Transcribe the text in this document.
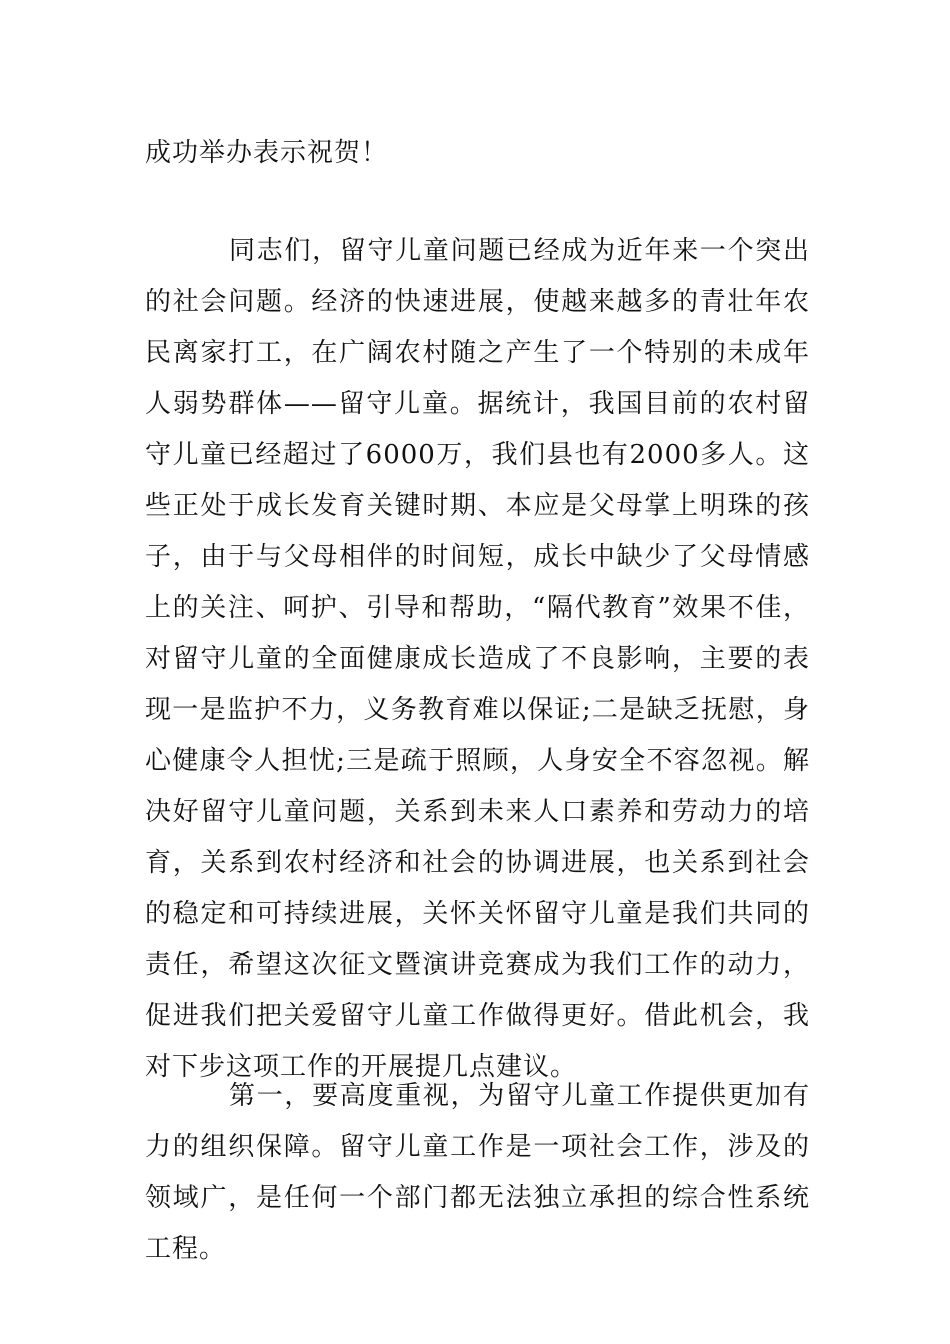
成功举办表示祝贺！

同志们，留守儿童问题已经成为近年来一个突出的社会问题。经济的快速进展，使越来越多的青壮年农民离家打工，在广阔农村随之产生了一个特别的未成年人弱势群体——留守儿童。据统计，我国目前的农村留守儿童已经超过了6000万，我们县也有2000多人。这些正处于成长发育关键时期、本应是父母掌上明珠的孩子，由于与父母相伴的时间短，成长中缺少了父母情感上的关注、呵护、引导和帮助，“隔代教育”效果不佳，对留守儿童的全面健康成长造成了不良影响，主要的表现一是监护不力，义务教育难以保证;二是缺乏抚慰，身心健康令人担忧;三是疏于照顾，人身安全不容忽视。解决好留守儿童问题，关系到未来人口素养和劳动力的培育，关系到农村经济和社会的协调进展，也关系到社会的稳定和可持续进展，关怀关怀留守儿童是我们共同的责任，希望这次征文暨演讲竞赛成为我们工作的动力，促进我们把关爱留守儿童工作做得更好。借此机会，我对下步这项工作的开展提几点建议。

第一，要高度重视，为留守儿童工作提供更加有力的组织保障。留守儿童工作是一项社会工作，涉及的领域广，是任何一个部门都无法独立承担的综合性系统工程。
